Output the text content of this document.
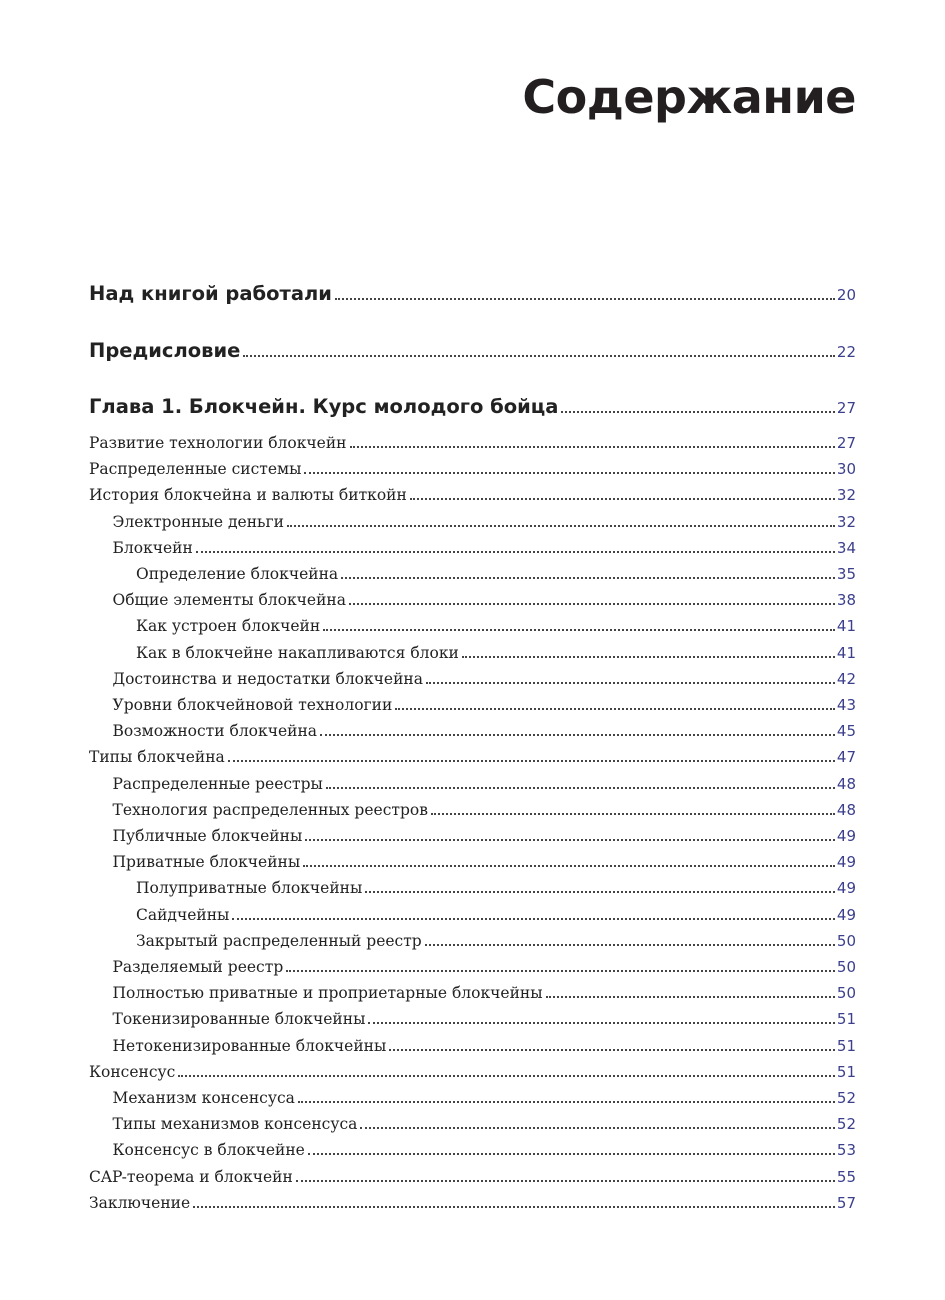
Содержание
Над книгой работали	20
Предисловие	22
Глава 1. Блокчейн. Курс молодого бойца	27
Развитие технологии блокчейн	27
Распределенные системы	30
История блокчейна и валюты биткойн	32
Электронные деньги	32
Блокчейн	34
Определение блокчейна	35
Общие элементы блокчейна	38
Как устроен блокчейн	41
Как в блокчейне накапливаются блоки	41
Достоинства и недостатки блокчейна	42
Уровни блокчейновой технологии	43
Возможности блокчейна	45
Типы блокчейна	47
Распределенные реестры	48
Технология распределенных реестров	48
Публичные блокчейны	49
Приватные блокчейны	49
Полуприватные блокчейны	49
Сайдчейны	49
Закрытый распределенный реестр	50
Разделяемый реестр	50
Полностью приватные и проприетарные блокчейны	50
Токенизированные блокчейны	51
Нетокенизированные блокчейны	51
Консенсус	51
Механизм консенсуса	52
Типы механизмов консенсуса	52
Консенсус в блокчейне	53
CAP-теорема и блокчейн	55
Заключение	57
